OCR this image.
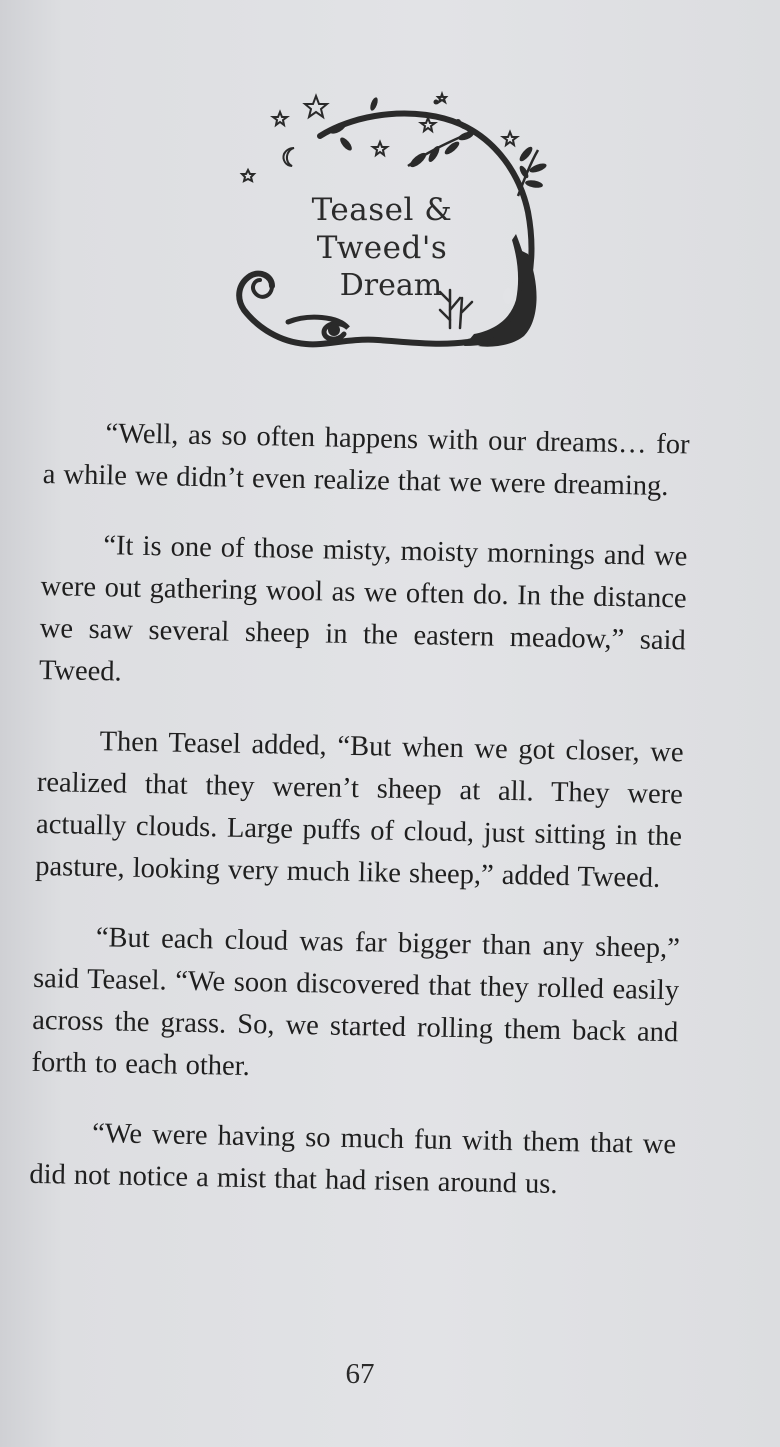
Teasel & Tweed's
Dream

“Well, as so often happens with our dreams… for a while we didn’t even realize that we were dreaming.

“It is one of those misty, moisty mornings and we were out gathering wool as we often do. In the distance we saw several sheep in the eastern meadow,” said Tweed.

Then Teasel added, “But when we got closer, we realized that they weren’t sheep at all. They were actually clouds. Large puffs of cloud, just sitting in the pasture, looking very much like sheep,” added Tweed.

“But each cloud was far bigger than any sheep,” said Teasel. “We soon discovered that they rolled easily across the grass. So, we started rolling them back and forth to each other.

“We were having so much fun with them that we did not notice a mist that had risen around us.

67
